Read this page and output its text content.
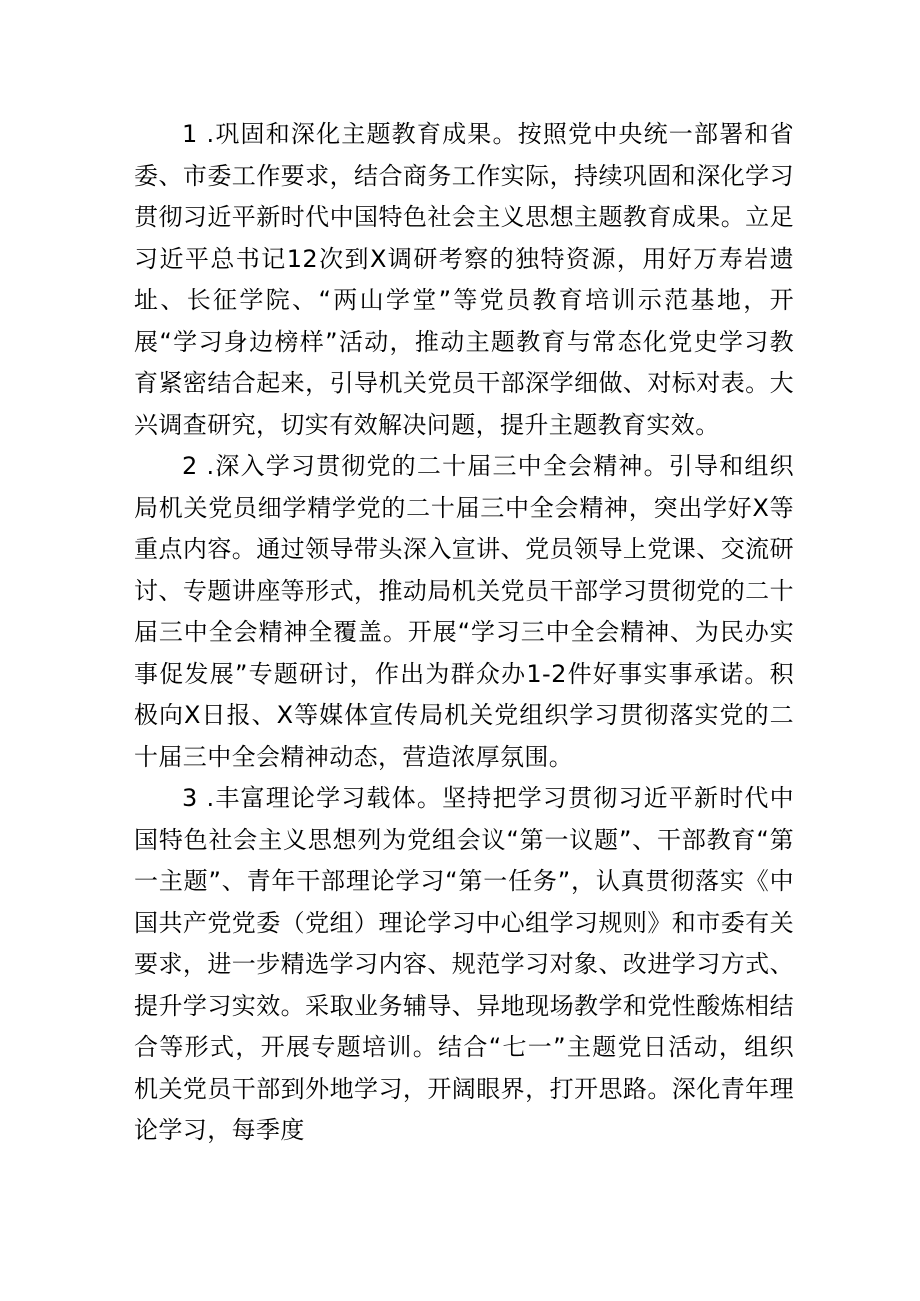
1 .巩固和深化主题教育成果。按照党中央统一部署和省委、市委工作要求，结合商务工作实际，持续巩固和深化学习贯彻习近平新时代中国特色社会主义思想主题教育成果。立足习近平总书记12次到X调研考察的独特资源，用好万寿岩遗址、长征学院、“两山学堂”等党员教育培训示范基地，开展“学习身边榜样”活动，推动主题教育与常态化党史学习教育紧密结合起来，引导机关党员干部深学细做、对标对表。大兴调查研究，切实有效解决问题，提升主题教育实效。

2 .深入学习贯彻党的二十届三中全会精神。引导和组织局机关党员细学精学党的二十届三中全会精神，突出学好X等重点内容。通过领导带头深入宣讲、党员领导上党课、交流研讨、专题讲座等形式，推动局机关党员干部学习贯彻党的二十届三中全会精神全覆盖。开展“学习三中全会精神、为民办实事促发展”专题研讨，作出为群众办1-2件好事实事承诺。积极向X日报、X等媒体宣传局机关党组织学习贯彻落实党的二十届三中全会精神动态，营造浓厚氛围。

3 .丰富理论学习载体。坚持把学习贯彻习近平新时代中国特色社会主义思想列为党组会议“第一议题”、干部教育“第一主题”、青年干部理论学习“第一任务”，认真贯彻落实《中国共产党党委（党组）理论学习中心组学习规则》和市委有关要求，进一步精选学习内容、规范学习对象、改进学习方式、提升学习实效。采取业务辅导、异地现场教学和党性酸炼相结合等形式，开展专题培训。结合“七一”主题党日活动，组织机关党员干部到外地学习，开阔眼界，打开思路。深化青年理论学习，每季度
